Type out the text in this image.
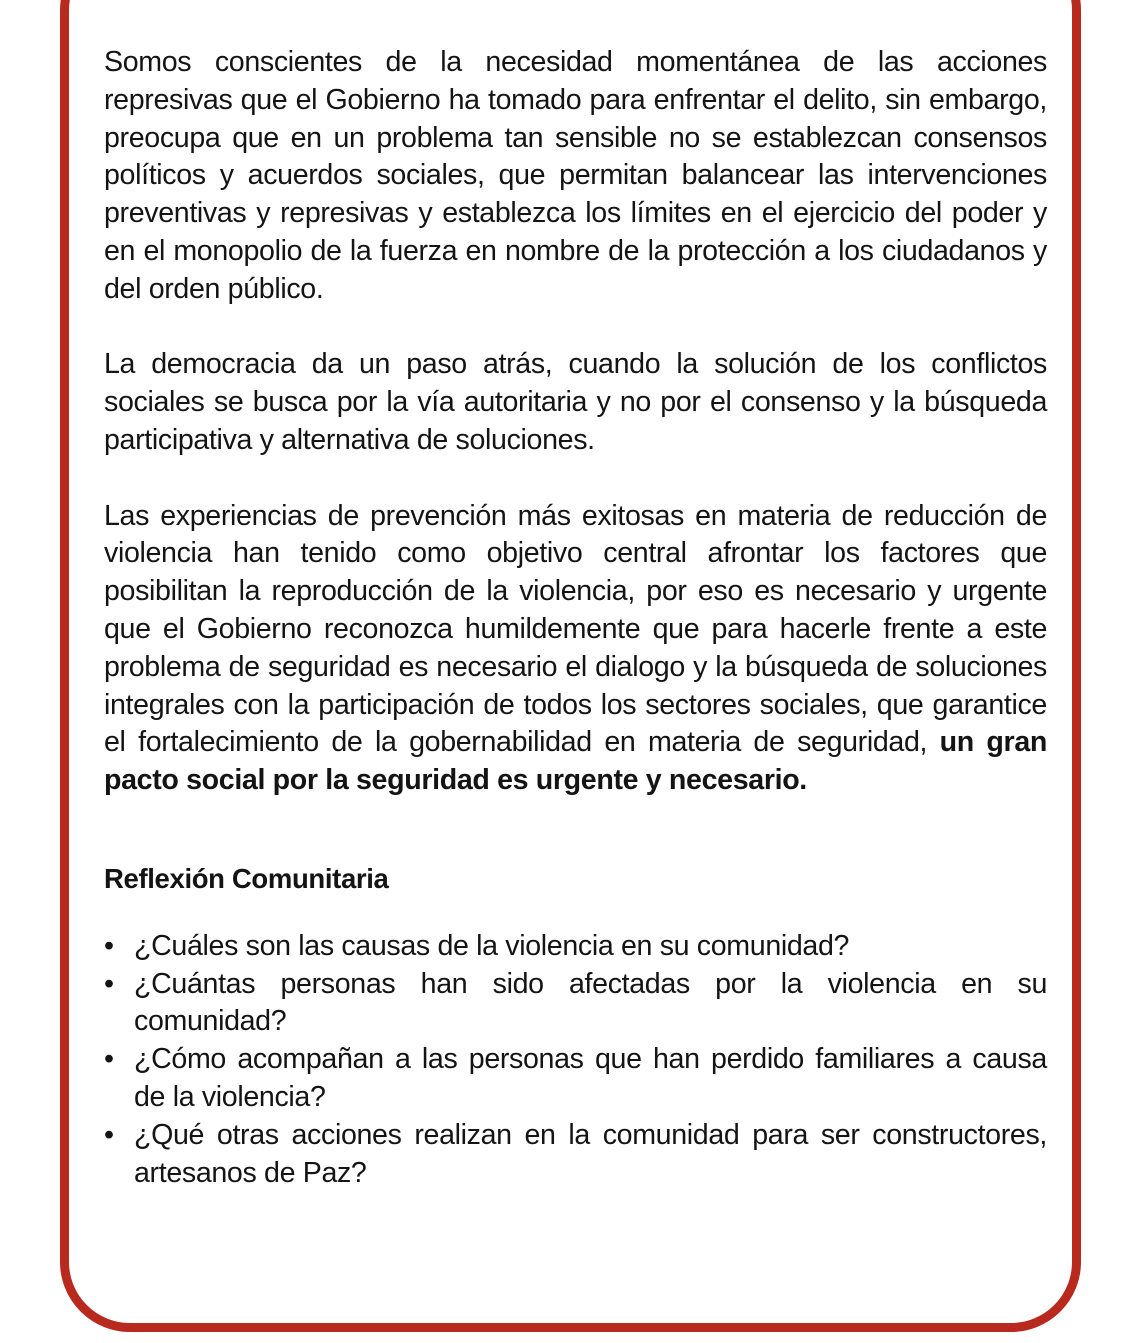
Somos conscientes de la necesidad momentánea de las acciones represivas que el Gobierno ha tomado para enfrentar el delito, sin embargo, preocupa que en un problema tan sensible no se establezcan consensos políticos y acuerdos sociales, que permitan balancear las intervenciones preventivas y represivas y establezca los límites en el ejercicio del poder y en el monopolio de la fuerza en nombre de la protección a los ciudadanos y del orden público.

La democracia da un paso atrás, cuando la solución de los conflictos sociales se busca por la vía autoritaria y no por el consenso y la búsqueda participativa y alternativa de soluciones.

Las experiencias de prevención más exitosas en materia de reducción de violencia han tenido como objetivo central afrontar los factores que posibilitan la reproducción de la violencia, por eso es necesario y urgente que el Gobierno reconozca humildemente que para hacerle frente a este problema de seguridad es necesario el dialogo y la búsqueda de soluciones integrales con la participación de todos los sectores sociales, que garantice el fortalecimiento de la gobernabilidad en materia de seguridad, un gran pacto social por la seguridad es urgente y necesario.

Reflexión Comunitaria
• ¿Cuáles son las causas de la violencia en su comunidad?
• ¿Cuántas personas han sido afectadas por la violencia en su comunidad?
• ¿Cómo acompañan a las personas que han perdido familiares a causa de la violencia?
• ¿Qué otras acciones realizan en la comunidad para ser constructores, artesanos de Paz?
